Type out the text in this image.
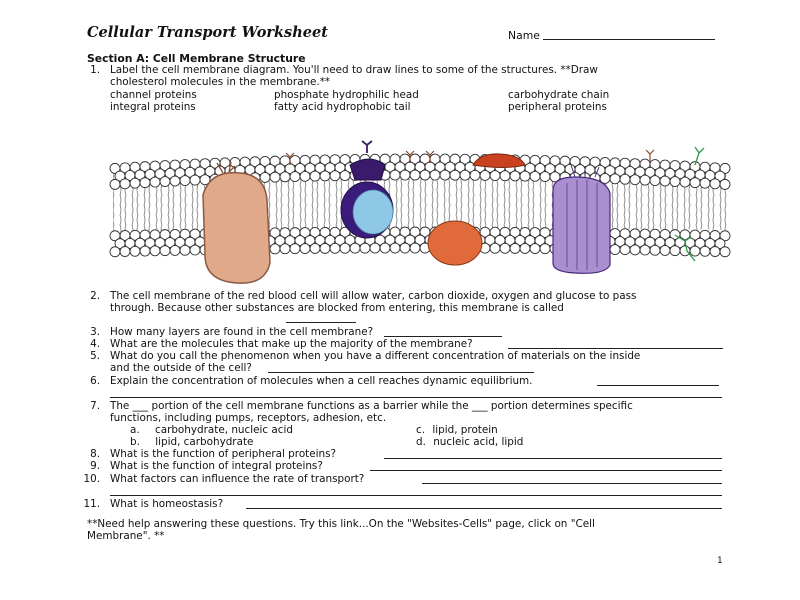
Cellular Transport Worksheet	Name
Section A: Cell Membrane Structure
1. Label the cell membrane diagram. You'll need to draw lines to some of the structures. **Draw
cholesterol molecules in the membrane.**
channel proteins	phosphate hydrophilic head	carbohydrate chain
integral proteins	fatty acid hydrophobic tail	peripheral proteins
2. The cell membrane of the red blood cell will allow water, carbon dioxide, oxygen and glucose to pass
through. Because other substances are blocked from entering, this membrane is called
3. How many layers are found in the cell membrane?
4. What are the molecules that make up the majority of the membrane?
5. What do you call the phenomenon when you have a different concentration of materials on the inside
and the outside of the cell?
6. Explain the concentration of molecules when a cell reaches dynamic equilibrium.
7. The ___ portion of the cell membrane functions as a barrier while the ___ portion determines specific
functions, including pumps, receptors, adhesion, etc.
a. carbohydrate, nucleic acid
b. lipid, carbohydrate
c. lipid, protein
d. nucleic acid, lipid
8. What is the function of peripheral proteins?
9. What is the function of integral proteins?
10. What factors can influence the rate of transport?
11. What is homeostasis?
**Need help answering these questions. Try this link...On the "Websites-Cells" page, click on "Cell
Membrane". **
1
